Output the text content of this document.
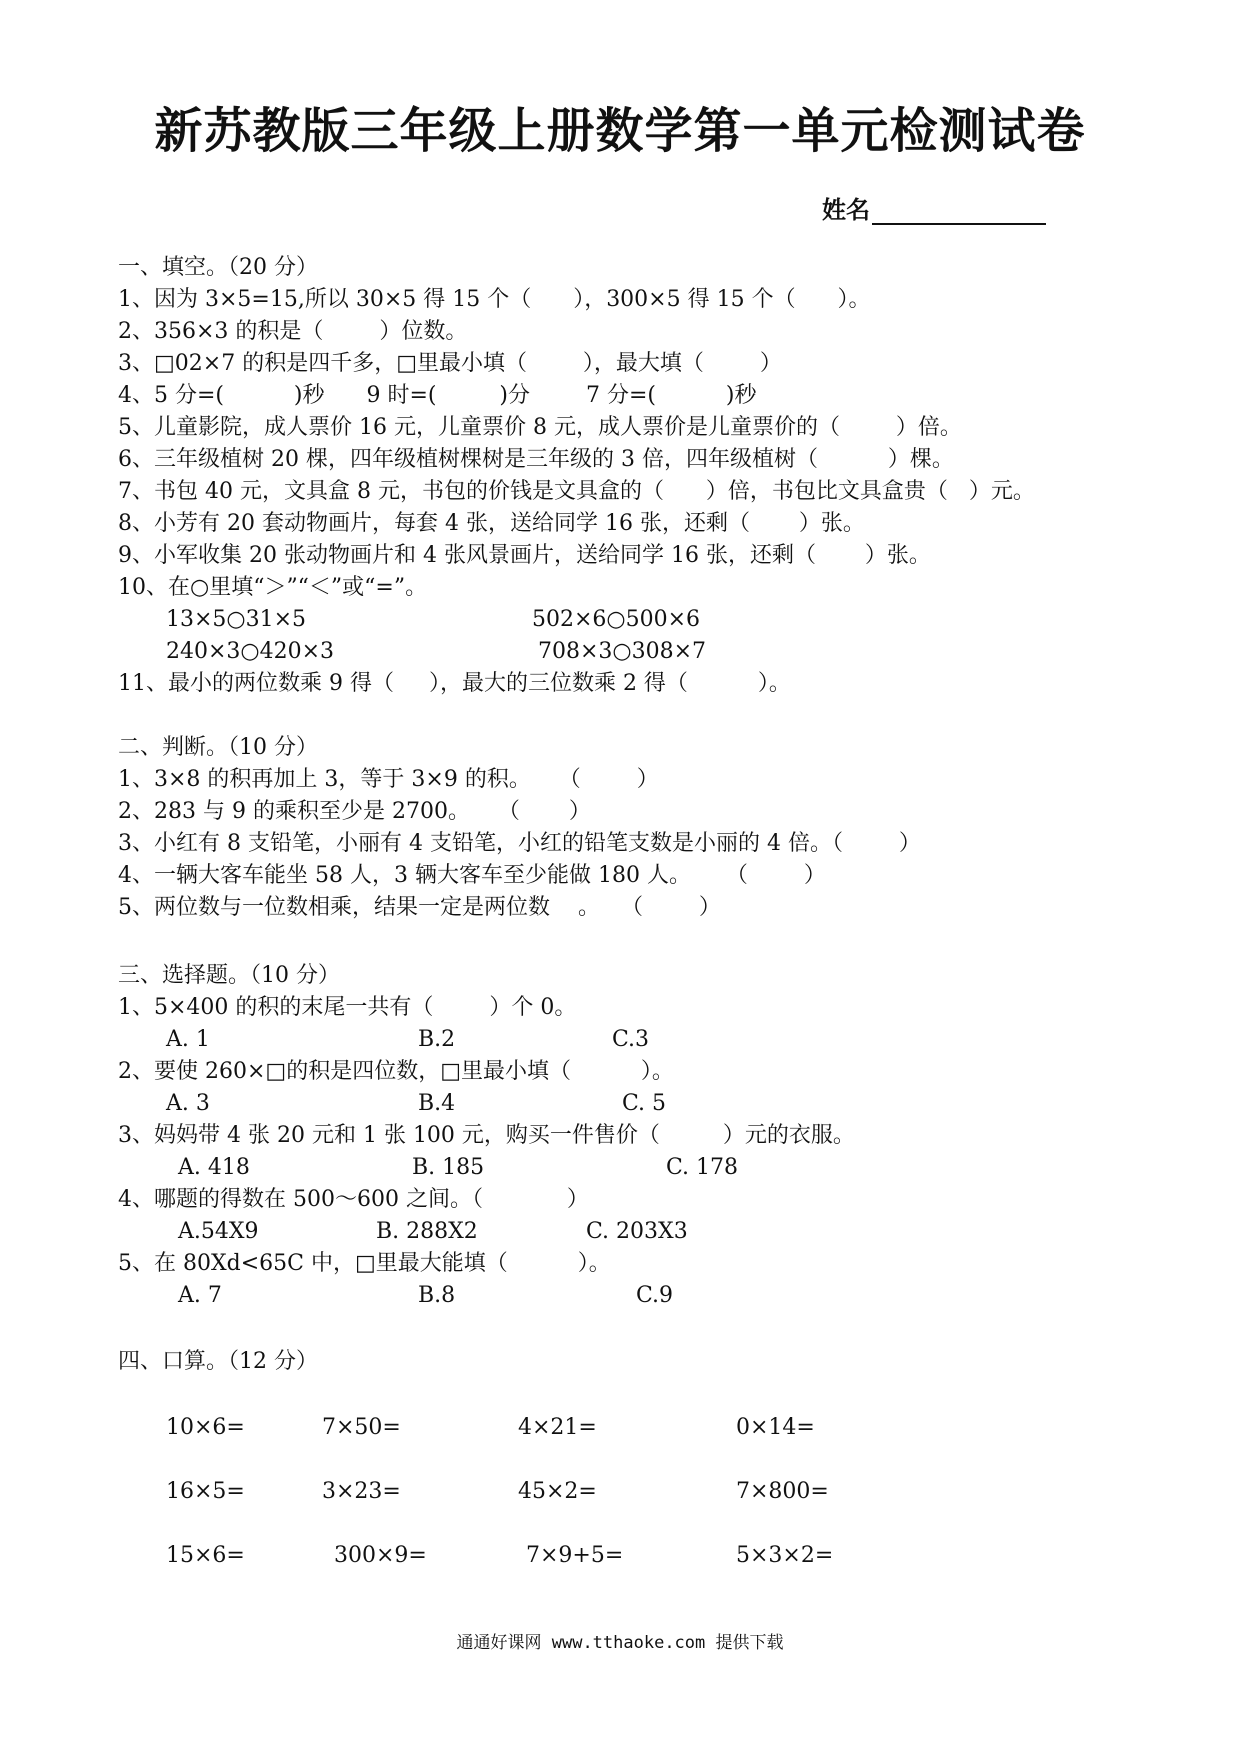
新苏教版三年级上册数学第一单元检测试卷
姓名
一、填空。（20 分）
1、因为 3×5=15,所以 30×5 得 15 个（      ），300×5 得 15 个（      ）。
2、356×3 的积是（        ）位数。
3、□02×7 的积是四千多，□里最小填（        ），最大填（        ）
4、5 分=(          )秒      9 时=(         )分        7 分=(          )秒
5、儿童影院，成人票价 16 元，儿童票价 8 元，成人票价是儿童票价的（        ）倍。
6、三年级植树 20 棵，四年级植树棵树是三年级的 3 倍，四年级植树（          ）棵。
7、书包 40 元，文具盒 8 元，书包的价钱是文具盒的（      ）倍，书包比文具盒贵（   ）元。
8、小芳有 20 套动物画片，每套 4 张，送给同学 16 张，还剩（       ）张。
9、小军收集 20 张动物画片和 4 张风景画片，送给同学 16 张，还剩（       ）张。
10、在○里填“＞”“＜”或“=”。
13×5○31×5	502×6○500×6
240×3○420×3	708×3○308×7
11、最小的两位数乘 9 得（     ），最大的三位数乘 2 得（          ）。
二、判断。（10 分）
1、3×8 的积再加上 3，等于 3×9 的积。    （        ）
2、283 与 9 的乘积至少是 2700。    （       ）
3、小红有 8 支铅笔，小丽有 4 支铅笔，小红的铅笔支数是小丽的 4 倍。（        ）
4、一辆大客车能坐 58 人，3 辆大客车至少能做 180 人。     （        ）
5、两位数与一位数相乘，结果一定是两位数    。   （        ）
三、选择题。（10 分）
1、5×400 的积的末尾一共有（        ）个 0。
A. 1	B.2	C.3
2、要使 260×□的积是四位数，□里最小填（          ）。
A. 3	B.4	C. 5
3、妈妈带 4 张 20 元和 1 张 100 元，购买一件售价（         ）元的衣服。
A. 418	B. 185	C. 178
4、哪题的得数在 500～600 之间。（            ）
A.54X9	B. 288X2	C. 203X3
5、在 80Xd<65C 中，□里最大能填（          ）。
A. 7	B.8	C.9
四、口算。（12 分）
10×6=	7×50=	4×21=	0×14=
16×5=	3×23=	45×2=	7×800=
15×6=	300×9=	7×9+5=	5×3×2=
通通好课网 www.tthaoke.com 提供下载
